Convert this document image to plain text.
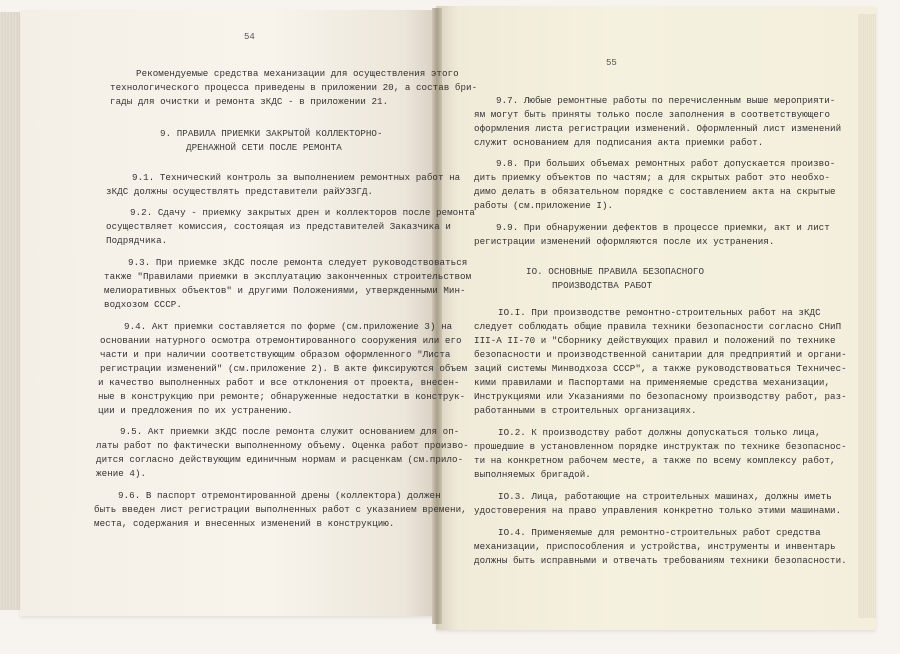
54
Рекомендуемые средства механизации для осуществления этого
технологического процесса приведены в приложении 20, а состав бри-
гады для очистки и ремонта зКДС - в приложении 21.
9. ПРАВИЛА ПРИЕМКИ ЗАКРЫТОЙ КОЛЛЕКТОРНО-
ДРЕНАЖНОЙ СЕТИ ПОСЛЕ РЕМОНТА
9.1. Технический контроль за выполнением ремонтных работ на
зКДС должны осуществлять представители райУЭЗГД.
9.2. Сдачу - приемку закрытых дрен и коллекторов после ремонта
осуществляет комиссия, состоящая из представителей Заказчика и
Подрядчика.
9.3. При приемке зКДС после ремонта следует руководствоваться
также "Правилами приемки в эксплуатацию законченных строительством
мелиоративных объектов" и другими Положениями, утвержденными Мин-
водхозом СССР.
9.4. Акт приемки составляется по форме (см.приложение 3) на
основании натурного осмотра отремонтированного сооружения или его
части и при наличии соответствующим образом оформленного "Листа
регистрации изменений" (см.приложение 2). В акте фиксируются объем
и качество выполненных работ и все отклонения от проекта, внесен-
ные в конструкцию при ремонте; обнаруженные недостатки в конструк-
ции и предложения по их устранению.
9.5. Акт приемки зКДС после ремонта служит основанием для оп-
латы работ по фактически выполненному объему. Оценка работ произво-
дится согласно действующим единичным нормам и расценкам (см.прило-
жение 4).
9.6. В паспорт отремонтированной дрены (коллектора) должен
быть введен лист регистрации выполненных работ с указанием времени,
места, содержания и внесенных изменений в конструкцию.
55
9.7. Любые ремонтные работы по перечисленным выше мероприяти-
ям могут быть приняты только после заполнения в соответствующего
оформления листа регистрации изменений. Оформленный лист изменений
служит основанием для подписания акта приемки работ.
9.8. При больших объемах ремонтных работ допускается произво-
дить приемку объектов по частям; а для скрытых работ это необхо-
димо делать в обязательном порядке с составлением акта на скрытые
работы (см.приложение I).
9.9. При обнаружении дефектов в процессе приемки, акт и лист
регистрации изменений оформляются после их устранения.
IO. ОСНОВНЫЕ ПРАВИЛА БЕЗОПАСНОГО
ПРОИЗВОДСТВА РАБОТ
IO.I. При производстве ремонтно-строительных работ на зКДС
следует соблюдать общие правила техники безопасности согласно СНиП
III-А II-70 и "Сборнику действующих правил и положений по технике
безопасности и производственной санитарии для предприятий и органи-
заций системы Минводхоза СССР", а также руководствоваться Техничес-
кими правилами и Паспортами на применяемые средства механизации,
Инструкциями или Указаниями по безопасному производству работ, раз-
работанными в строительных организациях.
IO.2. К производству работ должны допускаться только лица,
прошедшие в установленном порядке инструктаж по технике безопаснос-
ти на конкретном рабочем месте, а также по всему комплексу работ,
выполняемых бригадой.
IO.3. Лица, работающие на строительных машинах, должны иметь
удостоверения на право управления конкретно только этими машинами.
IO.4. Применяемые для ремонтно-строительных работ средства
механизации, приспособления и устройства, инструменты и инвентарь
должны быть исправными и отвечать требованиям техники безопасности.
